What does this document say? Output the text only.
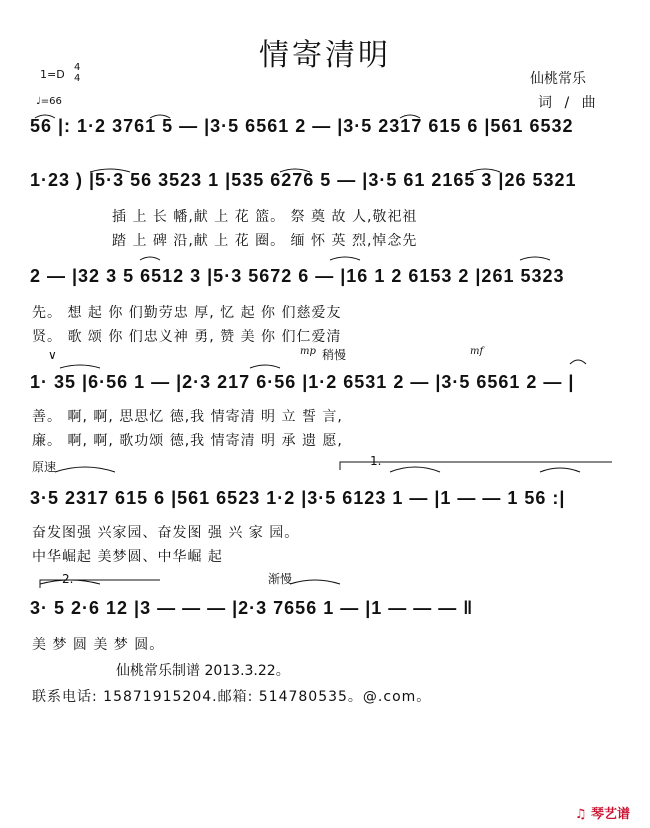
情寄清明
1=D
4
4
♩=66
仙桃常乐
词 / 曲
56 |: 1·2 3761 5 — |3·5 6561 2 — |3·5 2317 615 6 |561 6532
1·23 ) |5·3 56 3523 1 |535 6276 5 — |3·5 61 2165 3 |26 5321
插 上 长 幡,献 上 花 篮。 祭 奠 故 人,敬祀祖
踏 上 碑 沿,献 上 花 圈。 缅 怀 英 烈,悼念先
2 — |32 3 5 6512 3 |5·3 5672 6 — |16 1 2 6153 2 |261 5323
先。 想 起 你 们勤劳忠 厚, 忆 起 你 们慈爱友
贤。 歌 颂 你 们忠义神 勇, 赞 美 你 们仁爱清
∨	mp 稍慢	mf
1· 35 |6·56 1 — |2·3 217 6·56 |1·2 6531 2 — |3·5 6561 2 — |
善。 啊, 啊, 思思忆 德,我 情寄清 明 立 誓 言,
廉。 啊, 啊, 歌功颂 德,我 情寄清 明 承 遗 愿,
原速	1.
3·5 2317 615 6 |561 6523 1·2 |3·5 6123 1 — |1 — — 1 56 :|
奋发图强 兴家园、奋发图 强 兴 家 园。
中华崛起 美梦圆、中华崛 起
2.	渐慢
3· 5 2·6 12 |3 — — — |2·3 7656 1 — |1 — — — ‖
美 梦 圆 美 梦 圆。
仙桃常乐制谱 2013.3.22。
联系电话: 15871915204.邮箱: 514780535。@.com。
♫ 琴艺谱
